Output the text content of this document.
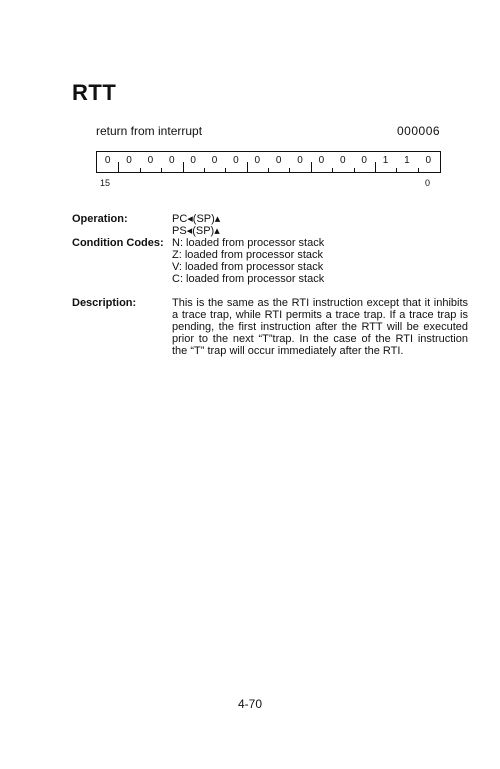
RTT
return from interrupt	000006
0	0	0	0	0	0	0	0	0	0	0	0	0	1	1	0
15	0
Operation:	PC◂(SP)▴
PS◂(SP)▴
Condition Codes: N: loaded from processor stack
Z: loaded from processor stack
V: loaded from processor stack
C: loaded from processor stack
Description:	This is the same as the RTI instruction except that it inhibits
a trace trap, while RTI permits a trace trap. If a trace trap is
pending, the first instruction after the RTT will be executed
prior to the next “T”trap. In the case of the RTI instruction
the “T” trap will occur immediately after the RTI.
4-70
